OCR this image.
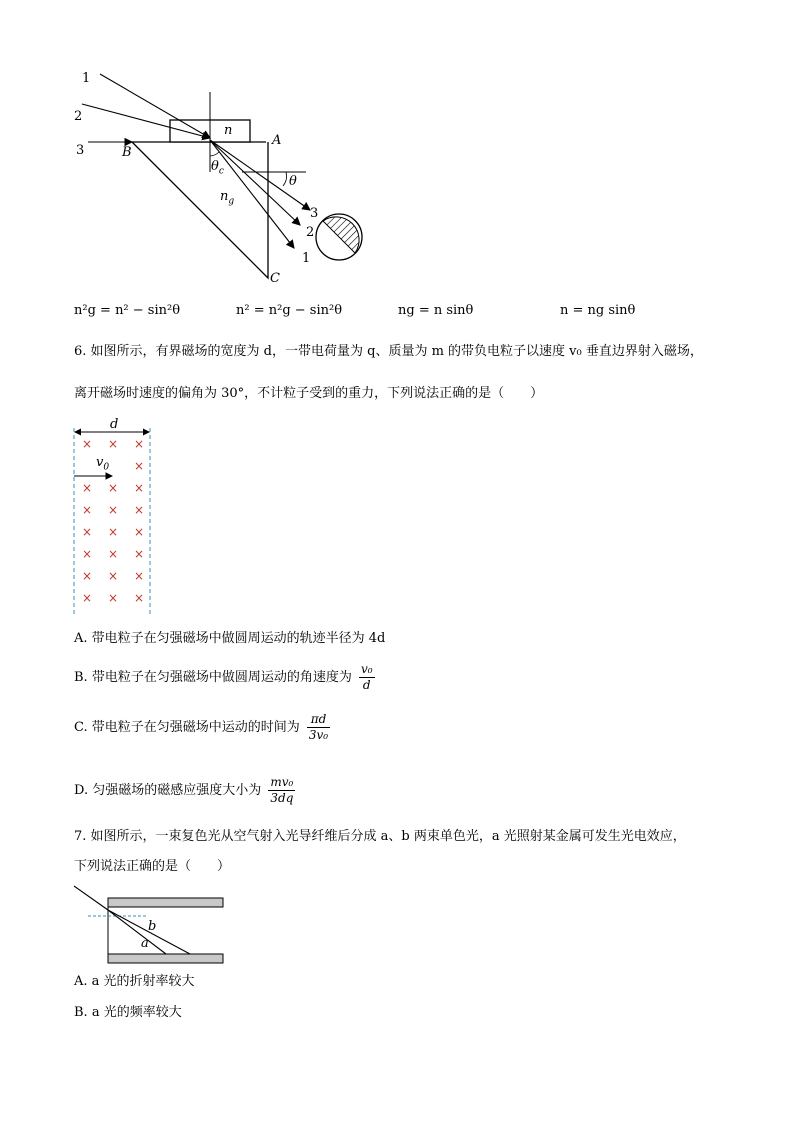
1
2
3	B
A
C
n
$\theta_c$
$n_g$
θ
3
2
1
n²g = n² − sin²θ	n² = n²g − sin²θ	ng = n sinθ	n = ng sinθ
6. 如图所示，有界磁场的宽度为 d，一带电荷量为 q、质量为 m 的带负电粒子以速度 v₀ 垂直边界射入磁场，
离开磁场时速度的偏角为 30°，不计粒子受到的重力，下列说法正确的是（　　）
× × ×
×
× × ×
× × ×
× × ×
× × ×
× × ×
× × ×
d
$v_0$
A. 带电粒子在匀强磁场中做圆周运动的轨迹半径为 4d
B. 带电粒子在匀强磁场中做圆周运动的角速度为 $\frac{\text{v₀}}{d}$
C. 带电粒子在匀强磁场中运动的时间为 $\frac{\pi d}{\text{3v₀}}$
D. 匀强磁场的磁感应强度大小为 $\frac{\text{mv₀}}{3dq}$
7. 如图所示，一束复色光从空气射入光导纤维后分成 a、b 两束单色光，a 光照射某金属可发生光电效应，
下列说法正确的是（　　）
b
a
A. a 光的折射率较大
B. a 光的频率较大
